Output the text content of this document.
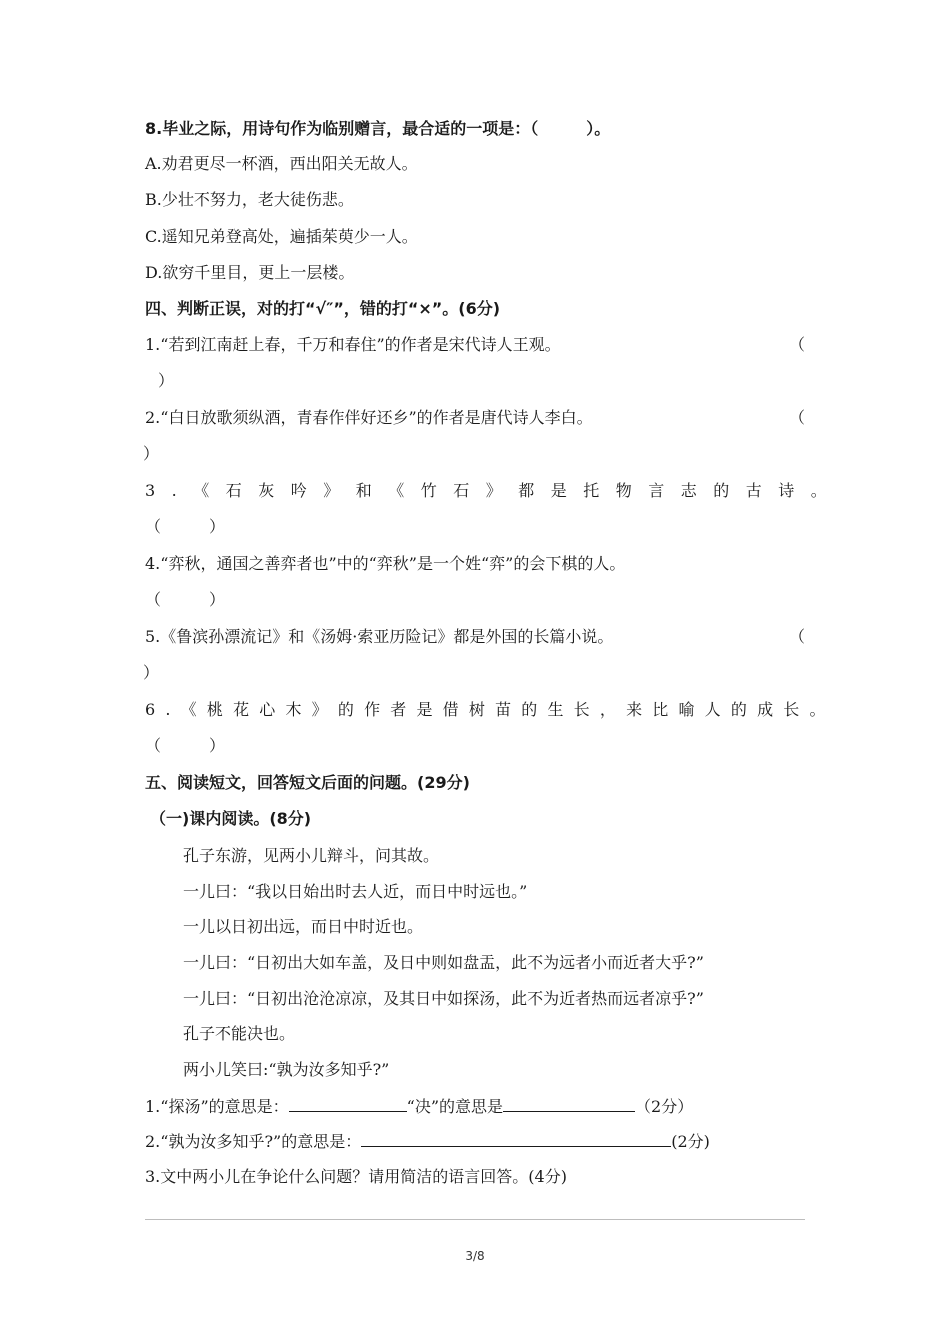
8.毕业之际，用诗句作为临别赠言，最合适的一项是：（　　　）。
A.劝君更尽一杯酒，西出阳关无故人。
B.少壮不努力，老大徒伤悲。
C.遥知兄弟登高处，遍插茱萸少一人。
D.欲穷千里目，更上一层楼。
四、判断正误，对的打“√″”，错的打“×”。(6分)
1.“若到江南赶上春，千万和春住”的作者是宋代诗人王观。	（
）
2.“白日放歌须纵酒，青春作伴好还乡”的作者是唐代诗人李白。	（
）
3.《石灰吟》和《竹石》都是托物言志的古诗。
（　　　）
4.“弈秋，通国之善弈者也”中的“弈秋”是一个姓“弈”的会下棋的人。
（　　　）
5.《鲁滨孙漂流记》和《汤姆·索亚历险记》都是外国的长篇小说。	（
）
6.《桃花心木》的作者是借树苗的生长，来比喻人的成长。
（　　　）
五、阅读短文，回答短文后面的问题。(29分)
（一)课内阅读。(8分)
孔子东游，见两小儿辩斗，问其故。
一儿曰：“我以日始出时去人近，而日中时远也。”
一儿以日初出远，而日中时近也。
一儿曰：“日初出大如车盖，及日中则如盘盂，此不为远者小而近者大乎?”
一儿曰：“日初出沧沧凉凉，及其日中如探汤，此不为近者热而远者凉乎?”
孔子不能决也。
两小儿笑曰:“孰为汝多知乎?”
1.“探汤”的意思是：	“决”的意思是	（2分）
2.“孰为汝多知乎?”的意思是：	(2分)
3.文中两小儿在争论什么问题？请用简洁的语言回答。(4分)
3/8
